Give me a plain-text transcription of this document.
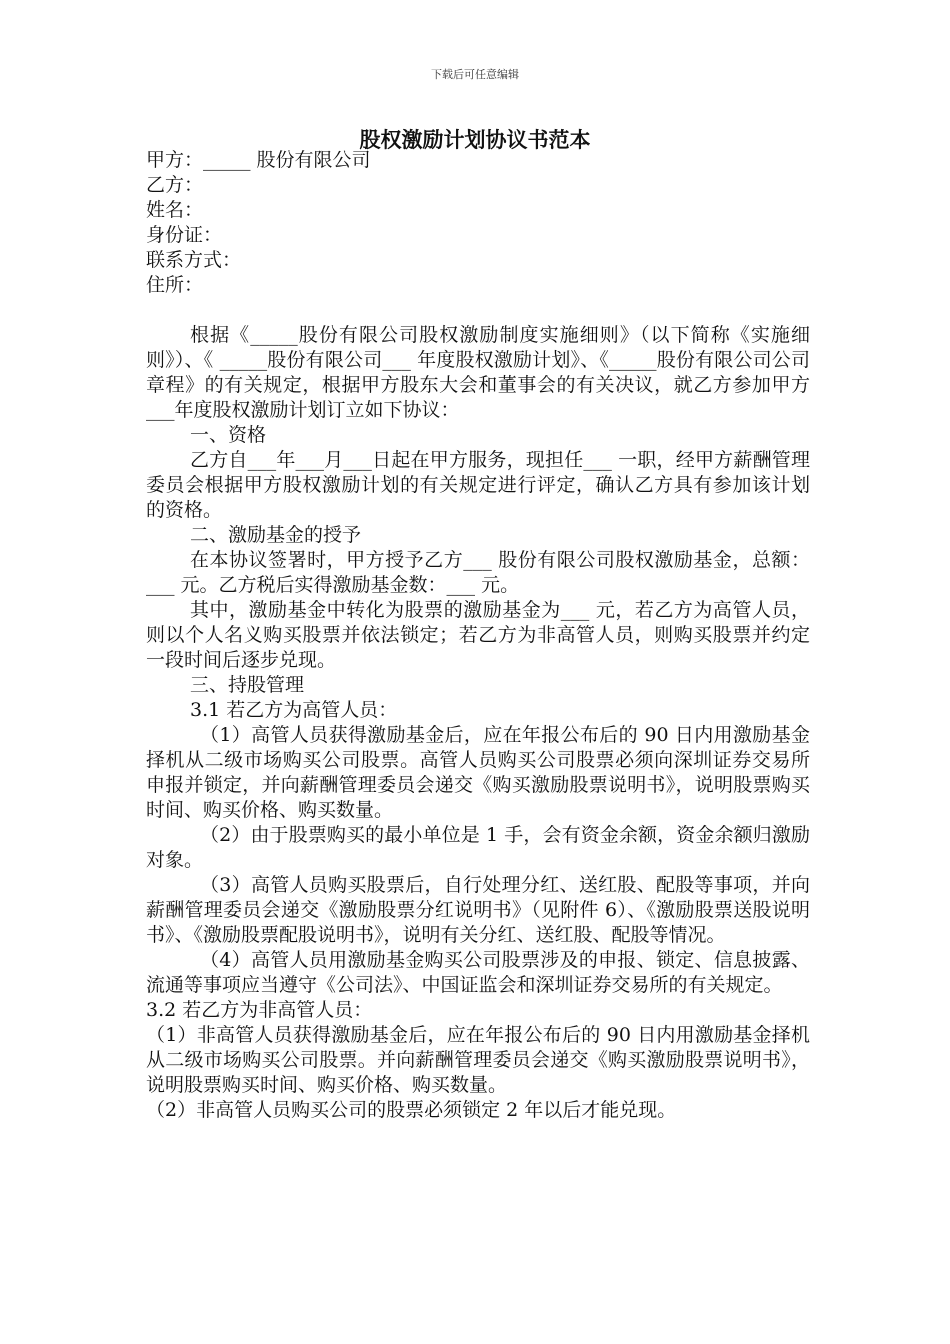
下载后可任意编辑
股权激励计划协议书范本
甲方：_____ 股份有限公司
乙方：
姓名：
身份证：
联系方式：
住所：
根据《_____股份有限公司股权激励制度实施细则》（以下简称《实施细则》）、《 _____股份有限公司___ 年度股权激励计划》、《_____股份有限公司公司章程》的有关规定，根据甲方股东大会和董事会的有关决议，就乙方参加甲方___年度股权激励计划订立如下协议：
一、资格
乙方自___年___月___日起在甲方服务，现担任___ 一职，经甲方薪酬管理委员会根据甲方股权激励计划的有关规定进行评定，确认乙方具有参加该计划的资格。
二、激励基金的授予
在本协议签署时，甲方授予乙方___ 股份有限公司股权激励基金，总额：___ 元。乙方税后实得激励基金数：___ 元。
其中，激励基金中转化为股票的激励基金为___ 元，若乙方为高管人员，则以个人名义购买股票并依法锁定；若乙方为非高管人员，则购买股票并约定一段时间后逐步兑现。
三、持股管理
3.1 若乙方为高管人员：
（1）高管人员获得激励基金后，应在年报公布后的 90 日内用激励基金择机从二级市场购买公司股票。高管人员购买公司股票必须向深圳证券交易所申报并锁定，并向薪酬管理委员会递交《购买激励股票说明书》，说明股票购买时间、购买价格、购买数量。
（2）由于股票购买的最小单位是 1 手，会有资金余额，资金余额归激励对象。
（3）高管人员购买股票后，自行处理分红、送红股、配股等事项，并向薪酬管理委员会递交《激励股票分红说明书》（见附件 6）、《激励股票送股说明书》、《激励股票配股说明书》，说明有关分红、送红股、配股等情况。
（4）高管人员用激励基金购买公司股票涉及的申报、锁定、信息披露、流通等事项应当遵守《公司法》、中国证监会和深圳证券交易所的有关规定。
3.2 若乙方为非高管人员：
（1）非高管人员获得激励基金后，应在年报公布后的 90 日内用激励基金择机从二级市场购买公司股票。并向薪酬管理委员会递交《购买激励股票说明书》，说明股票购买时间、购买价格、购买数量。
（2）非高管人员购买公司的股票必须锁定 2 年以后才能兑现。
